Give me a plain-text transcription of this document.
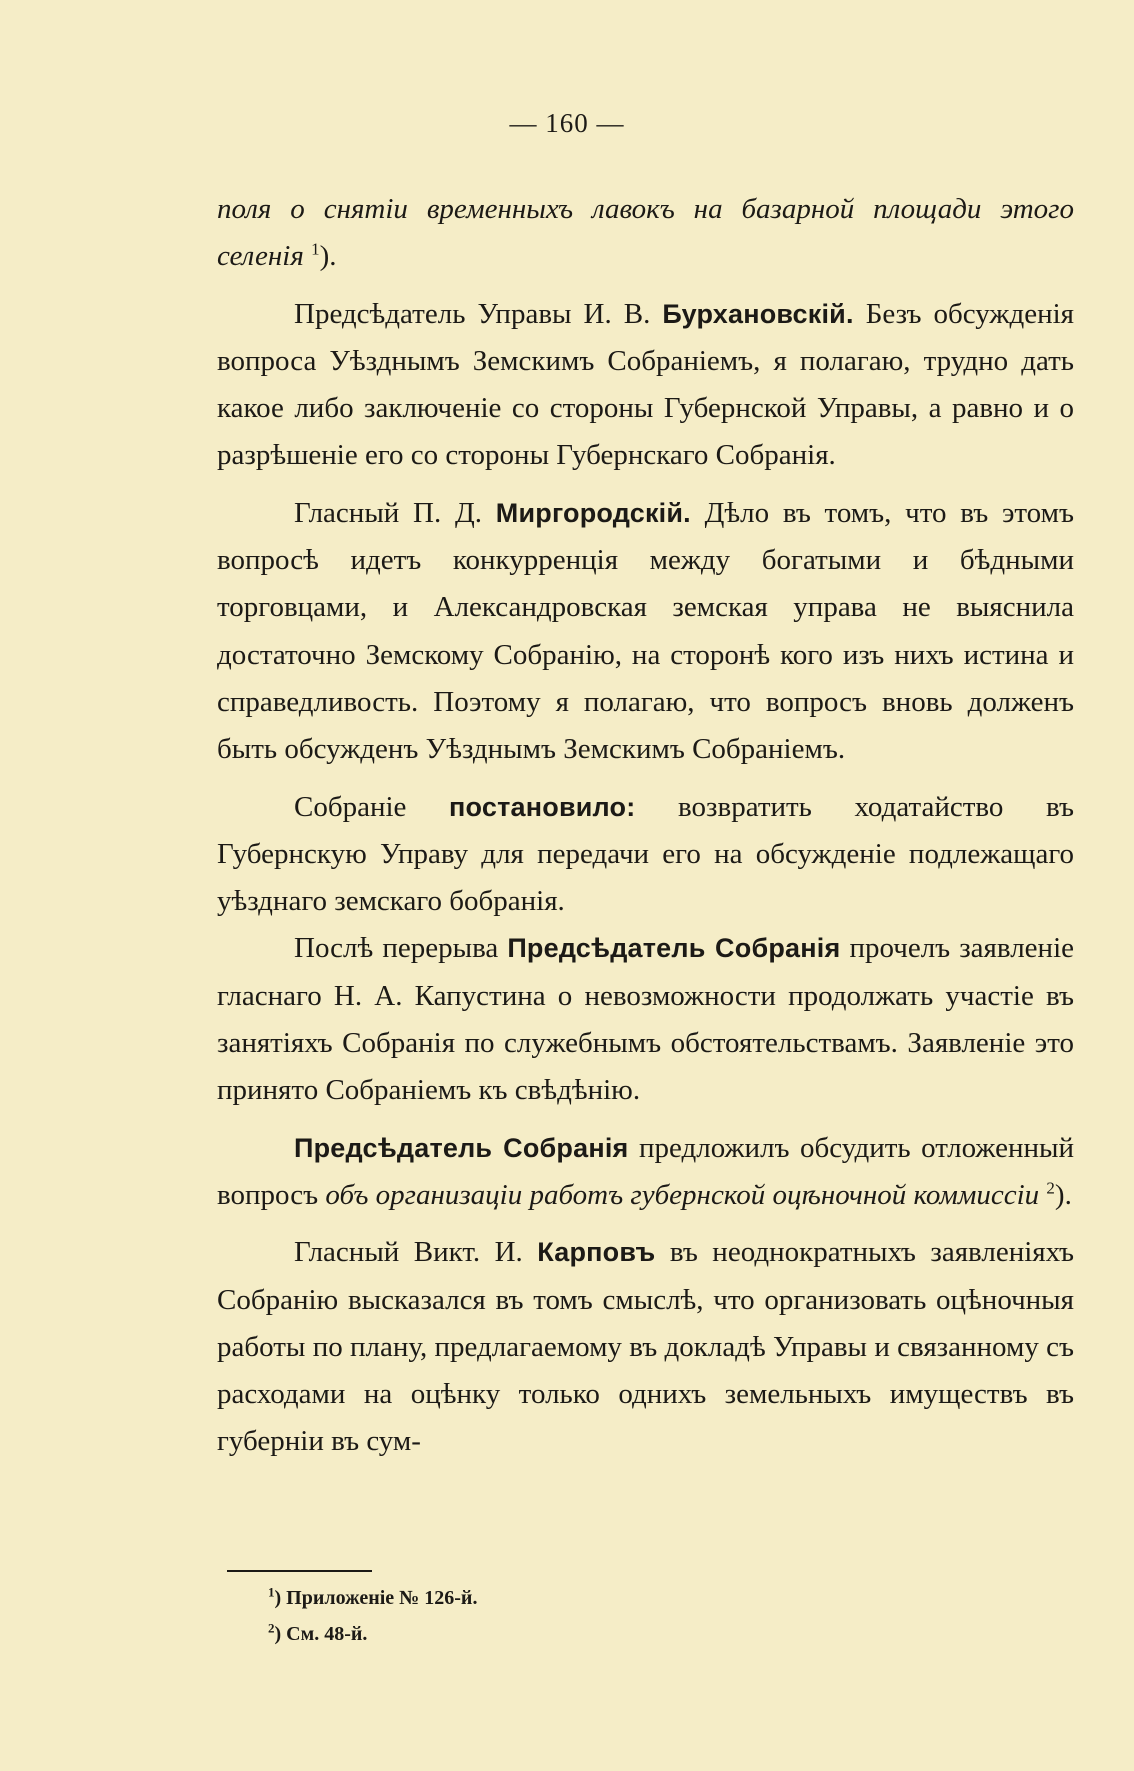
— 160 —

поля о снятіи временныхъ лавокъ на базарной площади этого селенія $^1$).

Предсѣдатель Управы И. В. Бурхановскій. Безъ обсужденія вопроса Уѣзднымъ Земскимъ Собраніемъ, я полагаю, трудно дать какое либо заключеніе со стороны Губернской Управы, а равно и о разрѣшеніе его со стороны Губернскаго Собранія.

Гласный П. Д. Миргородскій. Дѣло въ томъ, что въ этомъ вопросѣ идетъ конкурренція между богатыми и бѣдными торговцами, и Александровская земская управа не выяснила достаточно Земскому Собранію, на сторонѣ кого изъ нихъ истина и справедливость. Поэтому я полагаю, что вопросъ вновь долженъ быть обсужденъ Уѣзднымъ Земскимъ Собраніемъ.

Собраніе постановило: возвратить ходатайство въ Губернскую Управу для передачи его на обсужденіе подлежащаго уѣзднаго земскаго бобранія.

Послѣ перерыва Предсѣдатель Собранія прочелъ заявленіе гласнаго Н. А. Капустина о невозможности продолжать участіе въ занятіяхъ Собранія по служебнымъ обстоятельствамъ. Заявленіе это принято Собраніемъ къ свѣдѣнію.

Предсѣдатель Собранія предложилъ обсудить отложенный вопросъ объ организаціи работъ губернской оцѣночной коммиссіи $^2$).

Гласный Викт. И. Карповъ въ неоднократныхъ заявленіяхъ Собранію высказался въ томъ смыслѣ, что организовать оцѣночныя работы по плану, предлагаемому въ докладѣ Управы и связанному съ расходами на оцѣнку только однихъ земельныхъ имуществъ въ губерніи въ сум-

$^1$) Приложеніе № 126-й.
$^2$) См. 48-й.
